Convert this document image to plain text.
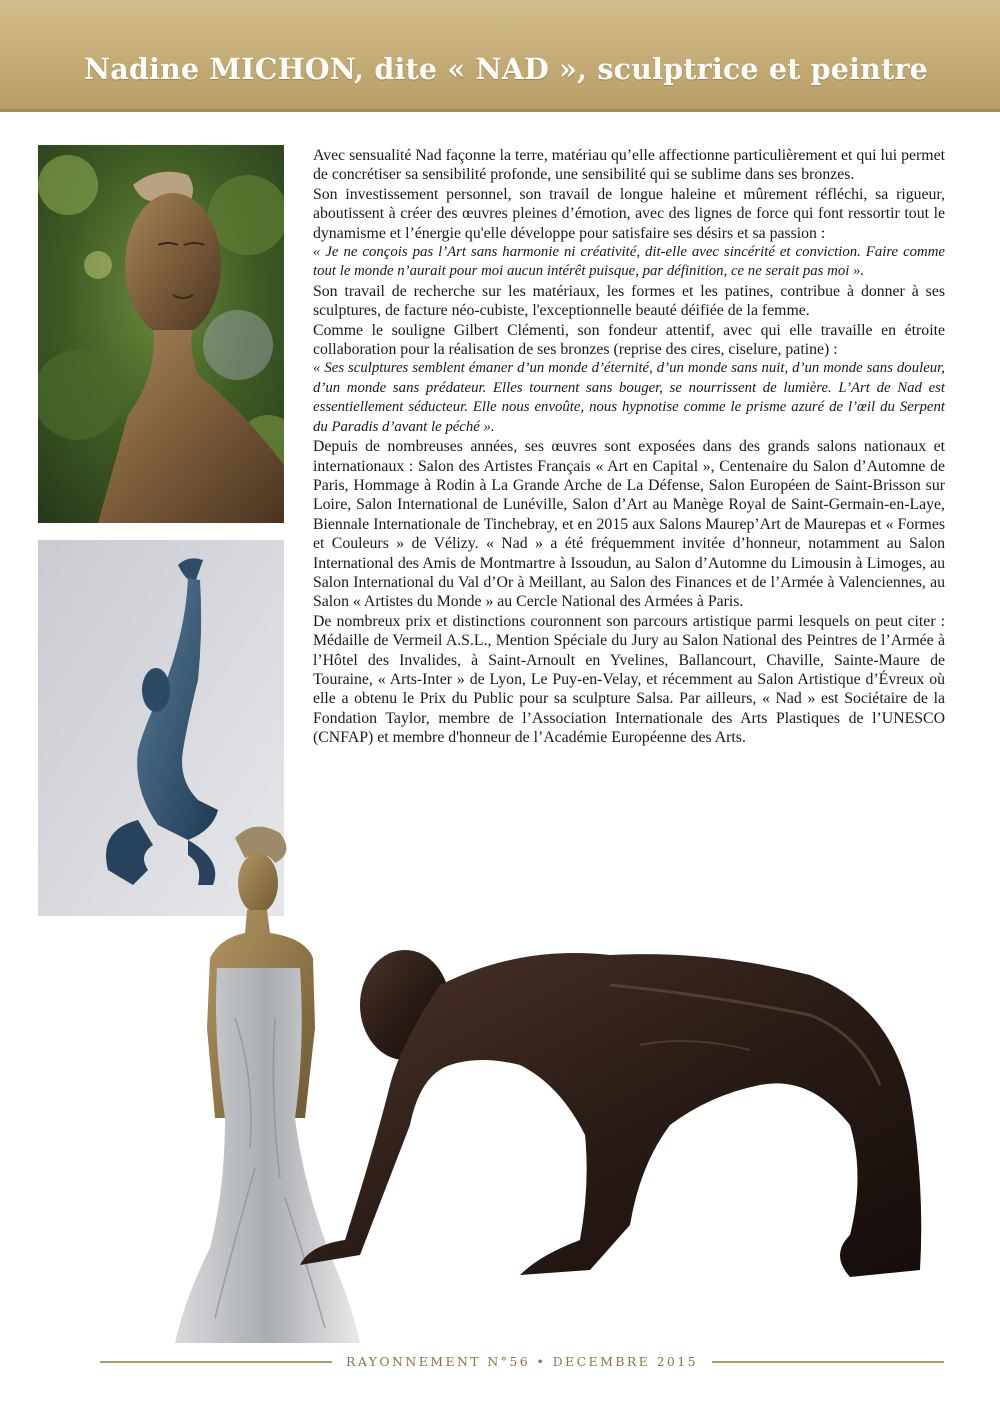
Nadine MICHON, dite « NAD », sculptrice et peintre

Avec sensualité Nad façonne la terre, matériau qu’elle affectionne particulièrement et qui lui permet de concrétiser sa sensibilité profonde, une sensibilité qui se sublime dans ses bronzes.

Son investissement personnel, son travail de longue haleine et mûrement réfléchi, sa rigueur, aboutissent à créer des œuvres pleines d’émotion, avec des lignes de force qui font ressortir tout le dynamisme et l’énergie qu'elle développe pour satisfaire ses désirs et sa passion :

« Je ne conçois pas l’Art sans harmonie ni créativité, dit-elle avec sincérité et conviction. Faire comme tout le monde n’aurait pour moi aucun intérêt puisque, par définition, ce ne serait pas moi ».

Son travail de recherche sur les matériaux, les formes et les patines, contribue à donner à ses sculptures, de facture néo-cubiste, l'exceptionnelle beauté déifiée de la femme.

Comme le souligne Gilbert Clémenti, son fondeur attentif, avec qui elle travaille en étroite collaboration pour la réalisation de ses bronzes (reprise des cires, ciselure, patine) :

« Ses sculptures semblent émaner d’un monde d’éternité, d’un monde sans nuit, d’un monde sans douleur, d’un monde sans prédateur. Elles tournent sans bouger, se nourrissent de lumière. L’Art de Nad est essentiellement séducteur. Elle nous envoûte, nous hypnotise comme le prisme azuré de l’œil du Serpent du Paradis d’avant le péché ».

Depuis de nombreuses années, ses œuvres sont exposées dans des grands salons nationaux et internationaux : Salon des Artistes Français « Art en Capital », Centenaire du Salon d’Automne de Paris, Hommage à Rodin à La Grande Arche de La Défense, Salon Européen de Saint-Brisson sur Loire, Salon International de Lunéville, Salon d’Art au Manège Royal de Saint-Germain-en-Laye, Biennale Internationale de Tinchebray, et en 2015 aux Salons Maurep’Art de Maurepas et « Formes et Couleurs » de Vélizy. « Nad » a été fréquemment invitée d’honneur, notamment au Salon International des Amis de Montmartre à Issoudun, au Salon d’Automne du Limousin à Limoges, au Salon International du Val d’Or à Meillant, au Salon des Finances et de l’Armée à Valenciennes, au Salon « Artistes du Monde » au Cercle National des Armées à Paris.

De nombreux prix et distinctions couronnent son parcours artistique parmi lesquels on peut citer : Médaille de Vermeil A.S.L., Mention Spéciale du Jury au Salon National des Peintres de l’Armée à l’Hôtel des Invalides, à Saint-Arnoult en Yvelines, Ballancourt, Chaville, Sainte-Maure de Touraine, « Arts-Inter » de Lyon, Le Puy-en-Velay, et récemment au Salon Artistique d’Évreux où elle a obtenu le Prix du Public pour sa sculpture Salsa. Par ailleurs, « Nad » est Sociétaire de la Fondation Taylor, membre de l’Association Internationale des Arts Plastiques de l’UNESCO (CNFAP) et membre d'honneur de l’Académie Européenne des Arts.

RAYONNEMENT N°56 • DECEMBRE 2015
